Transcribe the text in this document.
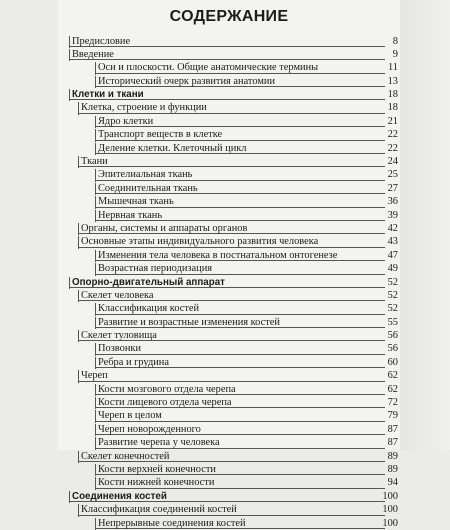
СОДЕРЖАНИЕ
Предисловие	8
Введение	9
Оси и плоскости. Общие анатомические термины	11
Исторический очерк развития анатомии	13
Клетки и ткани	18
Клетка, строение и функции	18
Ядро клетки	21
Транспорт веществ в клетке	22
Деление клетки. Клеточный цикл	22
Ткани	24
Эпителиальная ткань	25
Соединительная ткань	27
Мышечная ткань	36
Нервная ткань	39
Органы, системы и аппараты органов	42
Основные этапы индивидуального развития человека	43
Изменения тела человека в постнатальном онтогенезе	47
Возрастная периодизация	49
Опорно-двигательный аппарат	52
Скелет человека	52
Классификация костей	52
Развитие и возрастные изменения костей	55
Скелет туловища	56
Позвонки	56
Ребра и грудина	60
Череп	62
Кости мозгового отдела черепа	62
Кости лицевого отдела черепа	72
Череп в целом	79
Череп новорожденного	87
Развитие черепа у человека	87
Скелет конечностей	89
Кости верхней конечности	89
Кости нижней конечности	94
Соединения костей	100
Классификация соединений костей	100
Непрерывные соединения костей	100
